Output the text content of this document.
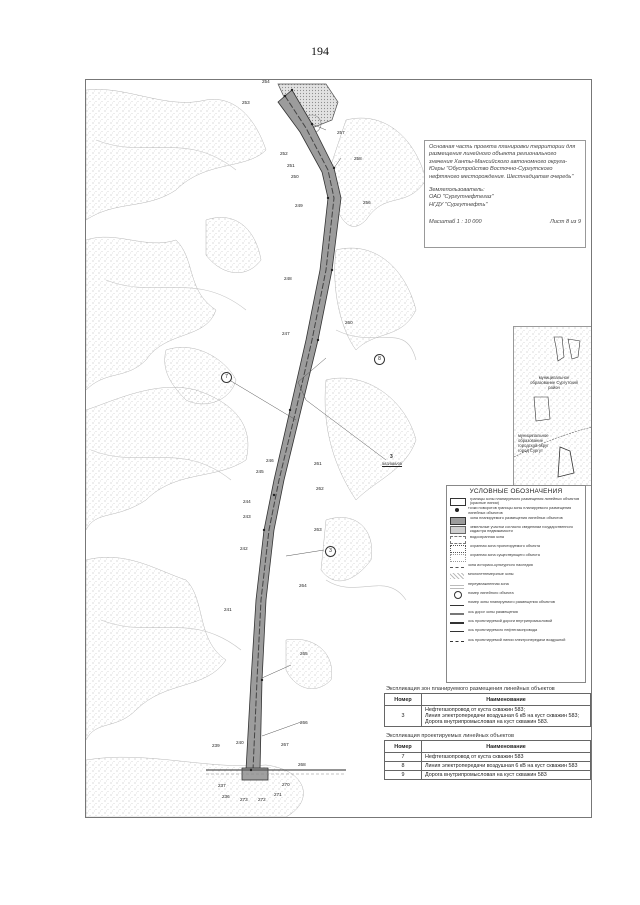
194
254
253
257
252
258
251
250
249
256
248
260
247
246
261
245
262
244
243
263
242
264
241
265
266
239
240	267
268
237
236
273 272
270
271
7
8
3
3
583/588/05
Основная часть проекта планировки территории для размещения линейного объекта регионального значения Ханты-Мансийского автономного округа-Югры "Обустройство Восточно-Сургутского нефтяного месторождения. Шестнадцатая очередь"
Землепользователь:
ОАО "Сургутнефтегаз"
НГДУ "Сургутнефть"
Масштаб 1 : 10 000	Лист 8 из 9
муниципальное образование Сургутский район
муниципальное образование городской округ город Сургут
УСЛОВНЫЕ ОБОЗНАЧЕНИЯ
границы зоны планируемого размещения линейных объектов (красные линии)
точки поворотов границы зоны планируемого размещения линейных объектов
зона планируемого размещения линейных объектов
земельные участки согласно сведениям государственного кадастра недвижимости
водоохранная зона
охранная зона проектируемого объекта
охранная зона существующего объекта
зона историко-культурного наследия
многолетнемерзлые зоны
переувлажненная зона
номер линейного объекта
номер зоны планируемого размещения объектов
ось дорог зоны размещения
ось проектируемой дороги внутрипромысловой
ось проектируемого нефтегазопровода
ось проектируемой линии электропередачи воздушной
Экспликация зон планируемого размещения линейных объектов
Номер	Наименование
3	Нефтегазопровод от куста скважин 583;
Линия электропередачи воздушная 6 кВ на куст скважин 583;
Дорога внутрипромысловая на куст скважин 583.
Экспликация проектируемых линейных объектов
Номер	Наименование
7	Нефтегазопровод от куста скважин 583
8	Линия электропередачи воздушная 6 кВ на куст скважин 583
9	Дорога внутрипромысловая на куст скважин 583
